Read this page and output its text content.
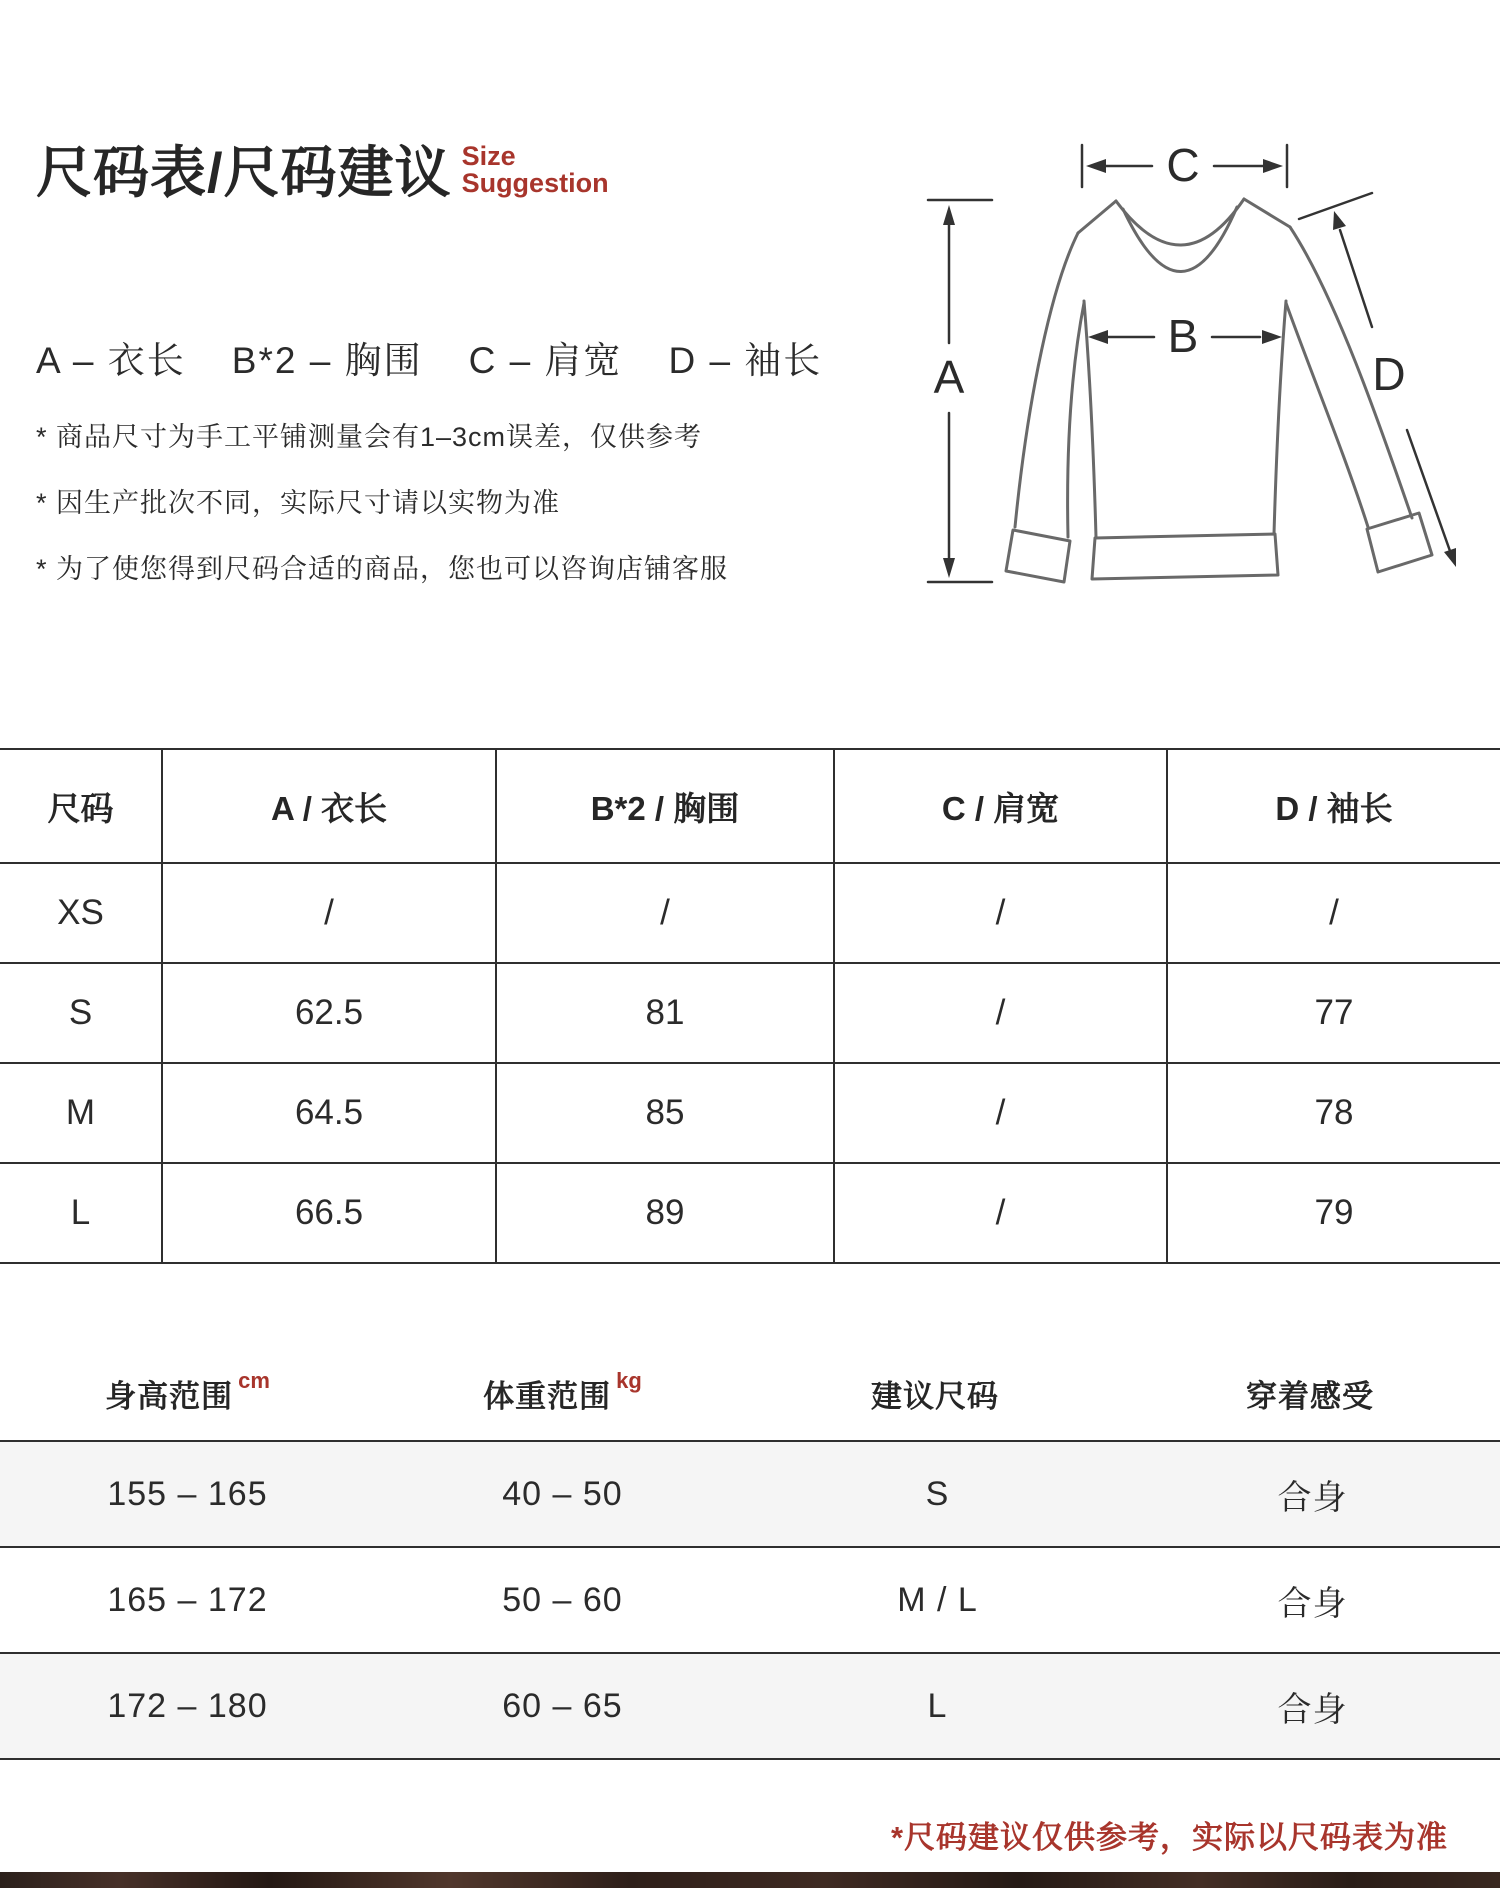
尺码表/尺码建议 Size
Suggestion
A – 衣长 B*2 – 胸围 C – 肩宽 D – 袖长
* 商品尺寸为手工平铺测量会有1–3cm误差，仅供参考
* 因生产批次不同，实际尺寸请以实物为准
* 为了使您得到尺码合适的商品，您也可以咨询店铺客服
A
C
B
D
尺码	A / 衣长	B*2 / 胸围	C / 肩宽	D / 袖长
XS	/	/	/	/
S	62.5	81	/	77
M	64.5	85	/	78
L	66.5	89	/	79
身高范围 cm	体重范围 kg	建议尺码	穿着感受
155 – 165	40 – 50	S	合身
165 – 172	50 – 60	M / L	合身
172 – 180	60 – 65	L	合身
*尺码建议仅供参考，实际以尺码表为准
